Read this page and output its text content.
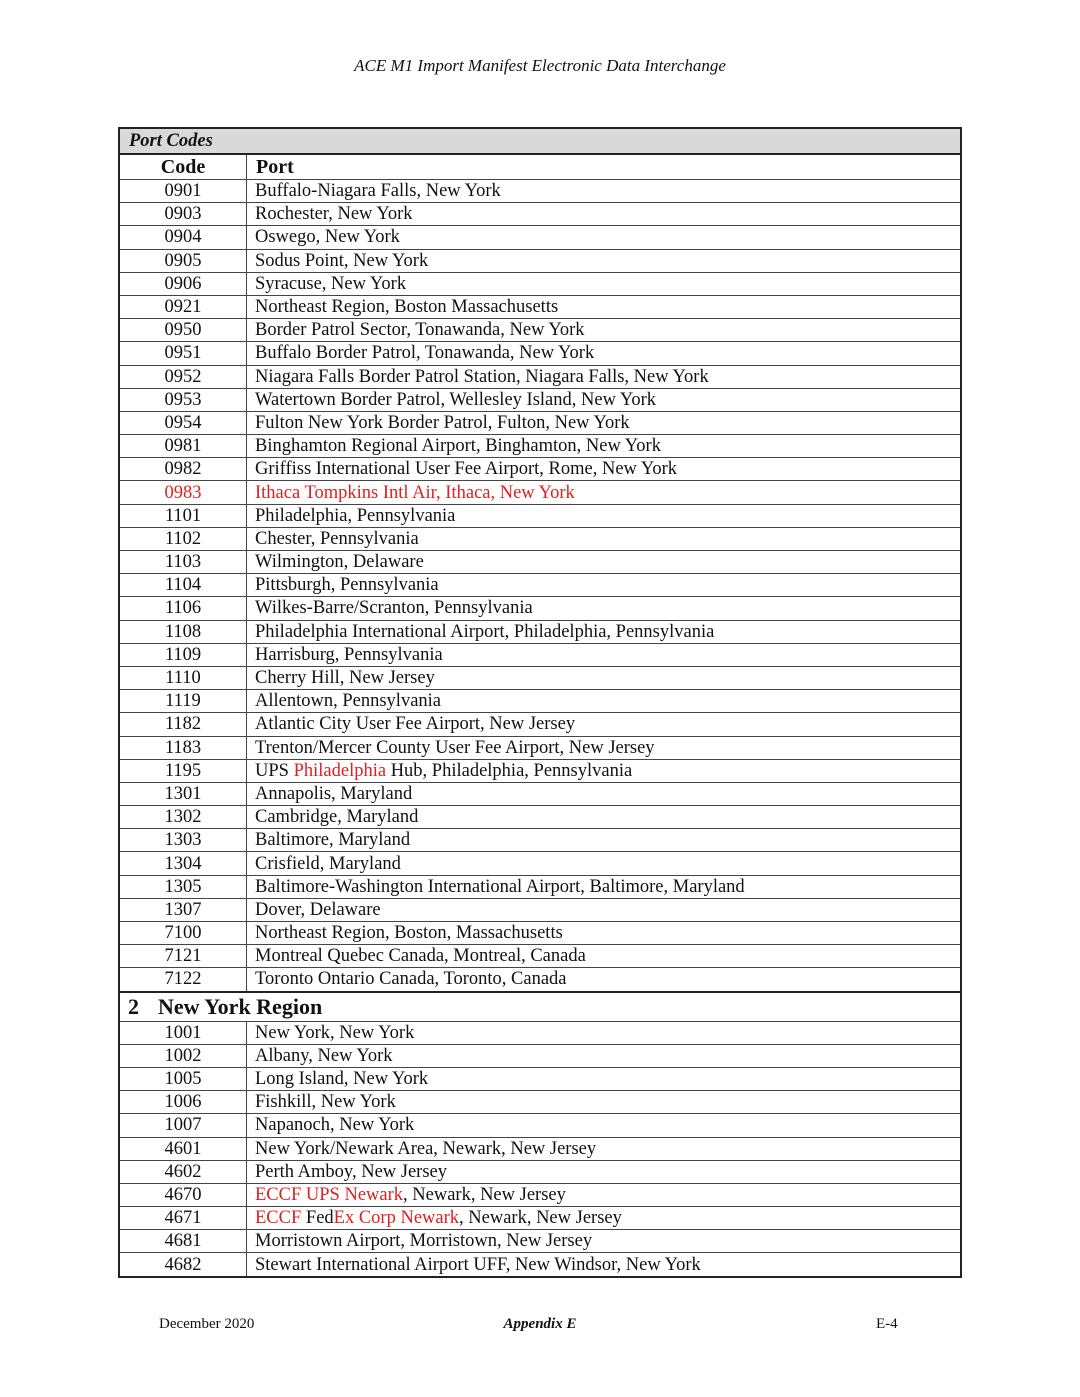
ACE M1 Import Manifest Electronic Data Interchange
Port Codes	
Code	Port
0901	Buffalo-Niagara Falls, New York
0903	Rochester, New York
0904	Oswego, New York
0905	Sodus Point, New York
0906	Syracuse, New York
0921	Northeast Region, Boston Massachusetts
0950	Border Patrol Sector, Tonawanda, New York
0951	Buffalo Border Patrol, Tonawanda, New York
0952	Niagara Falls Border Patrol Station, Niagara Falls, New York
0953	Watertown Border Patrol, Wellesley Island, New York
0954	Fulton New York Border Patrol, Fulton, New York
0981	Binghamton Regional Airport, Binghamton, New York
0982	Griffiss International User Fee Airport, Rome, New York
0983	Ithaca Tompkins Intl Air, Ithaca, New York
1101	Philadelphia, Pennsylvania
1102	Chester, Pennsylvania
1103	Wilmington, Delaware
1104	Pittsburgh, Pennsylvania
1106	Wilkes-Barre/Scranton, Pennsylvania
1108	Philadelphia International Airport, Philadelphia, Pennsylvania
1109	Harrisburg, Pennsylvania
1110	Cherry Hill, New Jersey
1119	Allentown, Pennsylvania
1182	Atlantic City User Fee Airport, New Jersey
1183	Trenton/Mercer County User Fee Airport, New Jersey
1195	UPS Philadelphia Hub, Philadelphia, Pennsylvania
1301	Annapolis, Maryland
1302	Cambridge, Maryland
1303	Baltimore, Maryland
1304	Crisfield, Maryland
1305	Baltimore-Washington International Airport, Baltimore, Maryland
1307	Dover, Delaware
7100	Northeast Region, Boston, Massachusetts
7121	Montreal Quebec Canada, Montreal, Canada
7122	Toronto Ontario Canada, Toronto, Canada
2 New York Region	
1001	New York, New York
1002	Albany, New York
1005	Long Island, New York
1006	Fishkill, New York
1007	Napanoch, New York
4601	New York/Newark Area, Newark, New Jersey
4602	Perth Amboy, New Jersey
4670	ECCF UPS Newark, Newark, New Jersey
4671	ECCF FedEx Corp Newark, Newark, New Jersey
4681	Morristown Airport, Morristown, New Jersey
4682	Stewart International Airport UFF, New Windsor, New York
December 2020	Appendix E	E-4
